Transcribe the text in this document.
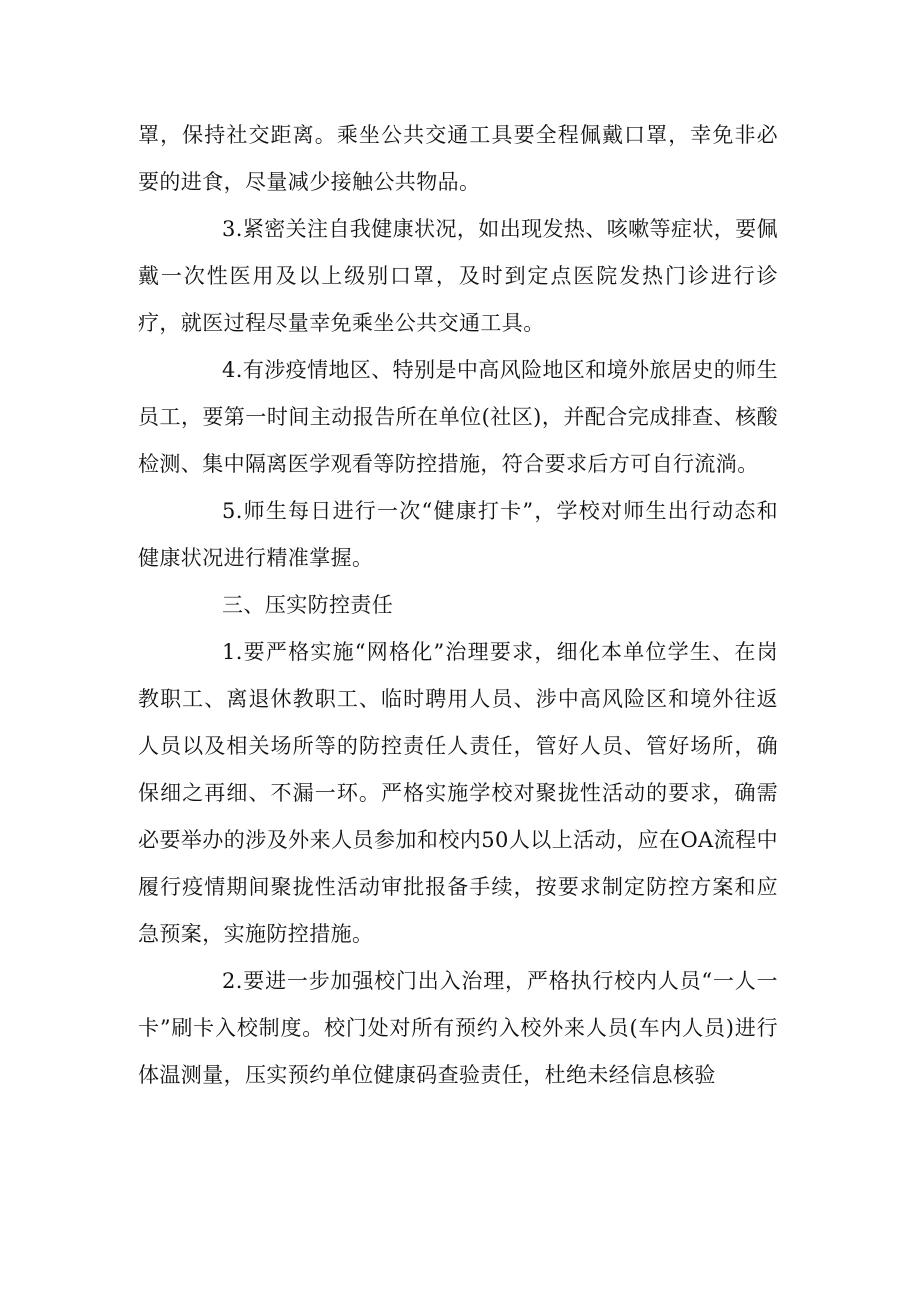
罩，保持社交距离。乘坐公共交通工具要全程佩戴口罩，幸免非必要的进食，尽量减少接触公共物品。

3.紧密关注自我健康状况，如出现发热、咳嗽等症状，要佩戴一次性医用及以上级别口罩，及时到定点医院发热门诊进行诊疗，就医过程尽量幸免乘坐公共交通工具。

4.有涉疫情地区、特别是中高风险地区和境外旅居史的师生员工，要第一时间主动报告所在单位(社区)，并配合完成排查、核酸检测、集中隔离医学观看等防控措施，符合要求后方可自行流淌。

5.师生每日进行一次“健康打卡”，学校对师生出行动态和健康状况进行精准掌握。

三、压实防控责任

1.要严格实施“网格化”治理要求，细化本单位学生、在岗教职工、离退休教职工、临时聘用人员、涉中高风险区和境外往返人员以及相关场所等的防控责任人责任，管好人员、管好场所，确保细之再细、不漏一环。严格实施学校对聚拢性活动的要求，确需必要举办的涉及外来人员参加和校内50人以上活动，应在OA流程中履行疫情期间聚拢性活动审批报备手续，按要求制定防控方案和应急预案，实施防控措施。

2.要进一步加强校门出入治理，严格执行校内人员“一人一卡”刷卡入校制度。校门处对所有预约入校外来人员(车内人员)进行体温测量，压实预约单位健康码查验责任，杜绝未经信息核验
